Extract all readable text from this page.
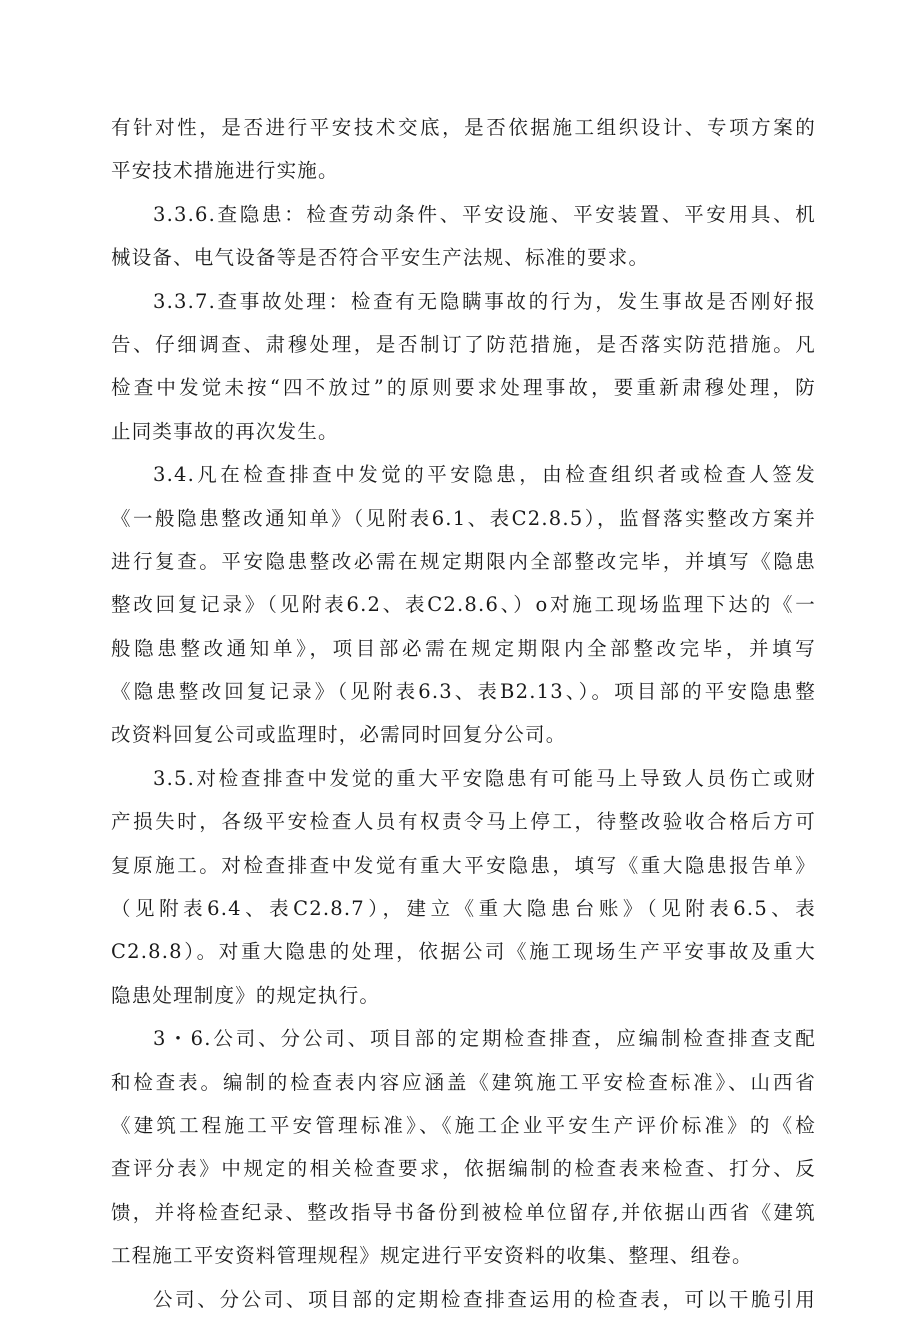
有针对性，是否进行平安技术交底，是否依据施工组织设计、专项方案的
平安技术措施进行实施。
3.3.6.查隐患：检查劳动条件、平安设施、平安装置、平安用具、机
械设备、电气设备等是否符合平安生产法规、标准的要求。
3.3.7.查事故处理：检查有无隐瞒事故的行为，发生事故是否刚好报
告、仔细调查、肃穆处理，是否制订了防范措施，是否落实防范措施。凡
检查中发觉未按“四不放过”的原则要求处理事故，要重新肃穆处理，防
止同类事故的再次发生。
3.4.凡在检查排查中发觉的平安隐患，由检查组织者或检查人签发
《一般隐患整改通知单》（见附表6.1、表C2.8.5），监督落实整改方案并
进行复查。平安隐患整改必需在规定期限内全部整改完毕，并填写《隐患
整改回复记录》（见附表6.2、表C2.8.6、）o对施工现场监理下达的《一
般隐患整改通知单》，项目部必需在规定期限内全部整改完毕，并填写
《隐患整改回复记录》（见附表6.3、表B2.13、）。项目部的平安隐患整
改资料回复公司或监理时，必需同时回复分公司。
3.5.对检查排查中发觉的重大平安隐患有可能马上导致人员伤亡或财
产损失时，各级平安检查人员有权责令马上停工，待整改验收合格后方可
复原施工。对检查排查中发觉有重大平安隐患，填写《重大隐患报告单》
（见附表6.4、表C2.8.7），建立《重大隐患台账》（见附表6.5、表
C2.8.8）。对重大隐患的处理，依据公司《施工现场生产平安事故及重大
隐患处理制度》的规定执行。
3・6.公司、分公司、项目部的定期检查排查，应编制检查排查支配
和检查表。编制的检查表内容应涵盖《建筑施工平安检查标准》、山西省
《建筑工程施工平安管理标准》、《施工企业平安生产评价标准》的《检
查评分表》中规定的相关检查要求，依据编制的检查表来检查、打分、反
馈，并将检查纪录、整改指导书备份到被检单位留存,并依据山西省《建筑
工程施工平安资料管理规程》规定进行平安资料的收集、整理、组卷。
公司、分公司、项目部的定期检查排查运用的检查表，可以干脆引用
